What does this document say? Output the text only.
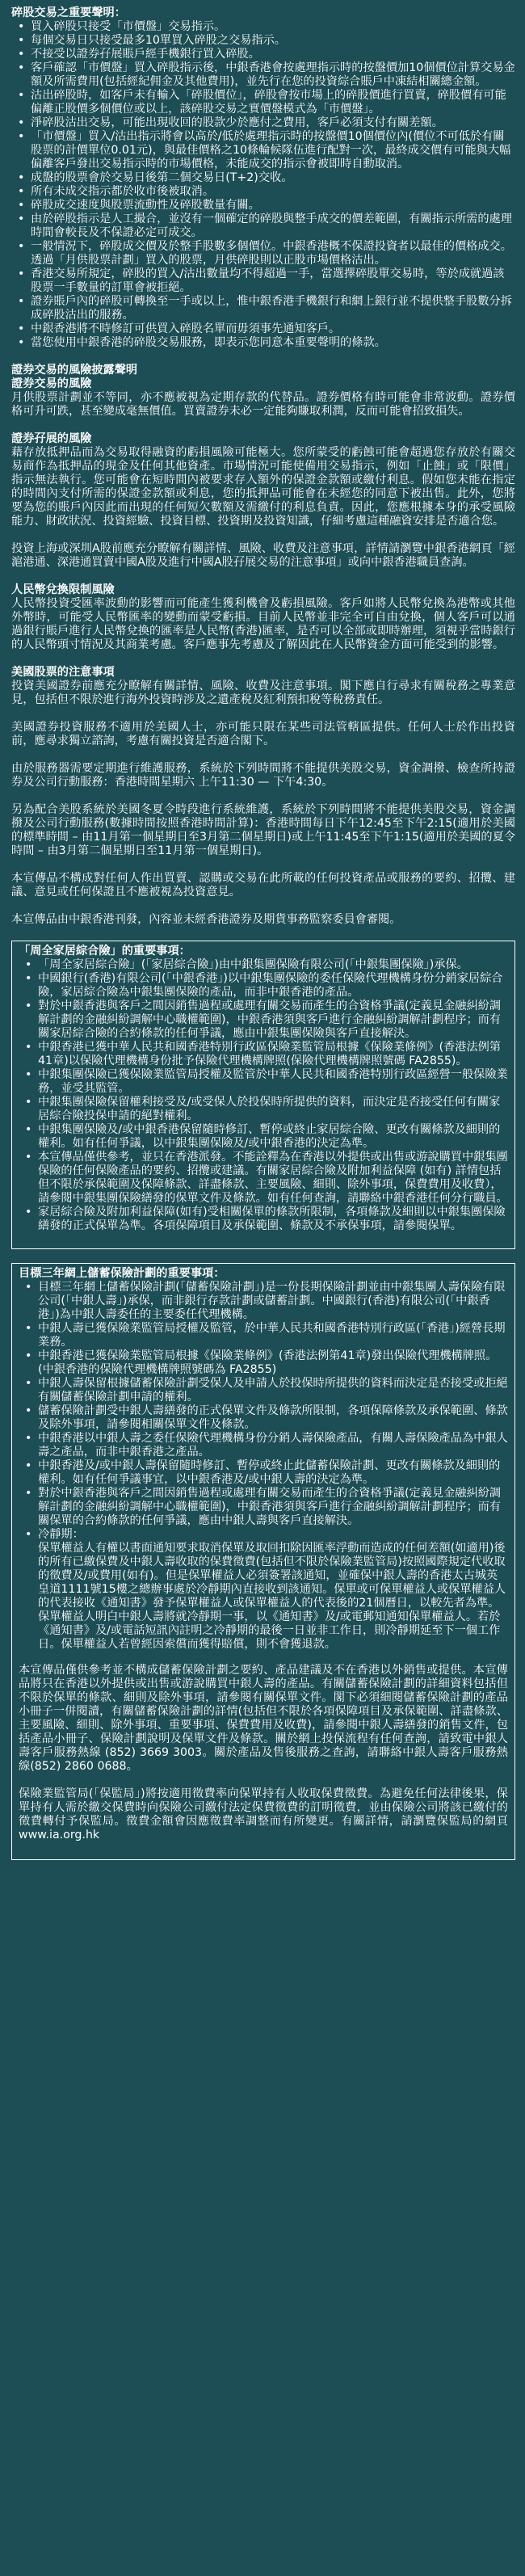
碎股交易之重要聲明：

• 買入碎股只接受「市價盤」交易指示。
• 每個交易日只接受最多10單買入碎股之交易指示。
• 不接受以證券孖展賬戶經手機銀行買入碎股。
• 客戶確認「市價盤」買入碎股指示後，中銀香港會按處理指示時的按盤價加10個價位計算交易金額及所需費用(包括經紀佣金及其他費用)，並先行在您的投資綜合賬戶中凍結相關總金額。
• 沽出碎股時，如客戶未有輸入「碎股價位」，碎股會按市場上的碎股價進行買賣，碎股價有可能偏離正股價多個價位或以上，該碎股交易之實價盤模式為「市價盤」。
• 淨碎股沽出交易，可能出現收回的股款少於應付之費用，客戶必須支付有關差額。
• 「市價盤」買入/沽出指示將會以高於/低於處理指示時的按盤價10個價位內(價位不可低於有關股票的計價單位0.01元)，與最佳價格之10條輪候隊伍進行配對一次，最終成交價有可能與大幅偏離客戶發出交易指示時的市場價格，未能成交的指示會被即時自動取消。
• 成盤的股票會於交易日後第二個交易日(T+2)交收。
• 所有未成交指示都於收市後被取消。
• 碎股成交速度與股票流動性及碎股數量有關。
• 由於碎股指示是人工撮合，並沒有一個確定的碎股與整手成交的價差範圍，有關指示所需的處理時間會較長及不保證必定可成交。
• 一般情況下，碎股成交價及於整手股數多個價位。中銀香港概不保證投資者以最佳的價格成交。透過「月供股票計劃」買入的股票，月供碎股則以正股市場價格沽出。
• 香港交易所規定，碎股的買入/沽出數量均不得超過一手，當選擇碎股單交易時，等於成就過該股票一手數量的訂單會被拒絕。
• 證券賬戶內的碎股可轉換至一手或以上，惟中銀香港手機銀行和網上銀行並不提供整手股數分拆成碎股沽出的服務。
• 中銀香港將不時修訂可供買入碎股名單而毋須事先通知客戶。
• 當您使用中銀香港的碎股交易服務，即表示您同意本重要聲明的條款。

證券交易的風險披露聲明

證券交易的風險

月供股票計劃並不等同，亦不應被視為定期存款的代替品。證券價格有時可能會非常波動。證券價格可升可跌，甚至變成毫無價值。買賣證券未必一定能夠賺取利潤，反而可能會招致損失。

證券孖展的風險

藉存放抵押品而為交易取得融資的虧損風險可能極大。您所蒙受的虧蝕可能會超過您存放於有關交易商作為抵押品的現金及任何其他資產。市場情況可能使備用交易指示，例如「止蝕」或「限價」指示無法執行。您可能會在短時間內被要求存入額外的保證金款額或繳付利息。假如您未能在指定的時間內支付所需的保證金款額或利息，您的抵押品可能會在未經您的同意下被出售。此外，您將要為您的賬戶內因此而出現的任何短欠數額及需繳付的利息負責。因此，您應根據本身的承受風險能力、財政狀況、投資經驗、投資目標、投資期及投資知識，仔細考慮這種融資安排是否適合您。

投資上海或深圳A股前應充分瞭解有關詳情、風險、收費及注意事項，詳情請瀏覽中銀香港網頁「經滬港通、深港通買賣中國A股及進行中國A股孖展交易的注意事項」或向中銀香港職員查詢。

人民幣兌換限制風險

人民幣投資受匯率波動的影響而可能產生獲利機會及虧損風險。客戶如將人民幣兌換為港幣或其他外幣時，可能受人民幣匯率的變動而蒙受虧損。目前人民幣並非完全可自由兌換，個人客戶可以通過銀行賬戶進行人民幣兌換的匯率是人民幣(香港)匯率，是否可以全部或即時辦理，須視乎當時銀行的人民幣頭寸情況及其商業考慮。客戶應事先考慮及了解因此在人民幣資金方面可能受到的影響。

美國股票的注意事項

投資美國證券前應充分瞭解有關詳情、風險、收費及注意事項。閣下應自行尋求有關稅務之專業意見，包括但不限於進行海外投資時涉及之遺產稅及紅利預扣稅等稅務責任。

美國證券投資服務不適用於美國人士，亦可能只限在某些司法管轄區提供。任何人士於作出投資前，應尋求獨立諮詢，考慮有關投資是否適合閣下。

由於服務器需要定期進行維護服務，系統於下列時間將不能提供美股交易，資金調撥、檢查所持證券及公司行動服務：香港時間星期六 上午11:30 — 下午4:30。

另為配合美股系統於美國冬夏令時段進行系統維護，系統於下列時間將不能提供美股交易，資金調撥及公司行動服務(數據時間按照香港時間計算)：香港時間每日下午12:45至下午2:15(適用於美國的標準時間 – 由11月第一個星期日至3月第二個星期日)或上午11:45至下午1:15(適用於美國的夏令時間 – 由3月第二個星期日至11月第一個星期日)。

本宣傳品不構成對任何人作出買賣、認購或交易在此所載的任何投資產品或服務的要約、招攬、建議、意見或任何保證且不應被視為投資意見。

本宣傳品由中銀香港刊發，內容並未經香港證券及期貨事務監察委員會審閱。

「周全家居綜合險」的重要事項：

• 「周全家居綜合險」(「家居綜合險」)由中銀集團保險有限公司(「中銀集團保險」)承保。
• 中國銀行(香港)有限公司(「中銀香港」)以中銀集團保險的委任保險代理機構身份分銷家居綜合險，家居綜合險為中銀集團保險的產品，而非中銀香港的產品。
• 對於中銀香港與客戶之間因銷售過程或處理有關交易而產生的合資格爭議(定義見金融糾紛調解計劃的金融糾紛調解中心職權範圍)，中銀香港須與客戶進行金融糾紛調解計劃程序；而有關家居綜合險的合約條款的任何爭議，應由中銀集團保險與客戶直接解決。
• 中銀香港已獲中華人民共和國香港特別行政區保險業監管局根據《保險業條例》(香港法例第41章)以保險代理機構身份批予保險代理機構牌照(保險代理機構牌照號碼 FA2855)。
• 中銀集團保險已獲保險業監管局授權及監管於中華人民共和國香港特別行政區經營一般保險業務，並受其監管。
• 中銀集團保險保留權利接受及/或受保人於投保時所提供的資料，而決定是否接受任何有關家居綜合險投保申請的絕對權利。
• 中銀集團保險及/或中銀香港保留隨時修訂、暫停或終止家居綜合險、更改有關條款及細則的權利。如有任何爭議，以中銀集團保險及/或中銀香港的決定為準。
• 本宣傳品僅供參考，並只在香港派發。不能詮釋為在香港以外提供或出售或游說購買中銀集團保險的任何保險產品的要約、招攬或建議。有關家居綜合險及附加利益保障 (如有) 詳情包括但不限於承保範圍及保障條款、詳盡條款、主要風險、細則、除外事項，保費費用及收費），請參閱中銀集團保險繕發的保單文件及條款。如有任何查詢，請聯絡中銀香港任何分行職員。
• 家居綜合險及附加利益保障(如有)受相關保單的條款所限制，各項條款及細則以中銀集團保險繕發的正式保單為準。各項保障項目及承保範圍、條款及不承保事項，請參閱保單。

目標三年網上儲蓄保險計劃的重要事項：

• 目標三年網上儲蓄保險計劃(「儲蓄保險計劃」)是一份長期保險計劃並由中銀集團人壽保險有限公司(「中銀人壽」)承保，而非銀行存款計劃或儲蓄計劃。中國銀行(香港)有限公司(「中銀香港」)為中銀人壽委任的主要委任代理機構。
• 中銀人壽已獲保險業監管局授權及監管，於中華人民共和國香港特別行政區(「香港」)經營長期業務。
• 中銀香港已獲保險業監管局根據《保險業條例》(香港法例第41章)發出保險代理機構牌照。(中銀香港的保險代理機構牌照號碼為 FA2855)
• 中銀人壽保留根據儲蓄保險計劃受保人及申請人於投保時所提供的資料而決定是否接受或拒絕有關儲蓄保險計劃申請的權利。
• 儲蓄保險計劃受中銀人壽繕發的正式保單文件及條款所限制，各項保障條款及承保範圍、條款及除外事項，請參閱相關保單文件及條款。
• 中銀香港以中銀人壽之委任保險代理機構身份分銷人壽保險產品，有關人壽保險產品為中銀人壽之產品，而非中銀香港之產品。
• 中銀香港及/或中銀人壽保留隨時修訂、暫停或終止此儲蓄保險計劃、更改有關條款及細則的權利。如有任何爭議事宜，以中銀香港及/或中銀人壽的決定為準。
• 對於中銀香港與客戶之間因銷售過程或處理有關交易而產生的合資格爭議(定義見金融糾紛調解計劃的金融糾紛調解中心職權範圍)，中銀香港須與客戶進行金融糾紛調解計劃程序；而有關保單的合約條款的任何爭議，應由中銀人壽與客戶直接解決。
• 冷靜期：
保單權益人有權以書面通知要求取消保單及取回扣除因匯率浮動而造成的任何差額(如適用)後的所有已繳保費及中銀人壽收取的保費徵費(包括但不限於保險業監管局)按照國際規定代收取的徵費及/或費用(如有)。但是保單權益人必須簽署該通知，並確保中銀人壽的香港太古城英皇道1111號15樓之總辦事處於冷靜期內直接收到該通知。保單或可保單權益人或保單權益人的代表接收《通知書》發予保單權益人或保單權益人的代表後的21個曆日，以較先者為準。保單權益人明白中銀人壽將就冷靜期一事，以《通知書》及/或電郵知通知保單權益人。若於《通知書》及/或電話短訊內註明之冷靜期的最後一日並非工作日，則冷靜期延至下一個工作日。保單權益人若曾經因索償而獲得賠償，則不會獲退款。

本宣傳品僅供參考並不構成儲蓄保險計劃之要約、產品建議及不在香港以外銷售或提供。本宣傳品將只在香港以外提供或出售或游說購買中銀人壽的產品。有關儲蓄保險計劃的詳細資料包括但不限於保單的條款、細則及除外事項，請參閱有關保單文件。閣下必須細閱儲蓄保險計劃的產品小冊子一併閱讀，有關儲蓄保險計劃的詳情(包括但不限於各項保障項目及承保範圍、詳盡條款、主要風險、細則、除外事項、重要事項、保費費用及收費)，請參閱中銀人壽繕發的銷售文件，包括產品小冊子、保險計劃說明及保單文件及條款。關於網上投保流程有任何查詢，請致電中銀人壽客戶服務熱線 (852) 3669 3003。關於產品及售後服務之查詢，請聯絡中銀人壽客戶服務熱線(852) 2860 0688。

保險業監管局(「保監局」)將按適用徵費率向保單持有人收取保費徵費。為避免任何法律後果，保單持有人需於繳交保費時向保險公司繳付法定保費徵費的訂明徵費，並由保險公司將該已繳付的徵費轉付予保監局。徵費金額會因應徵費率調整而有所變更。有關詳情，請瀏覽保監局的網頁www.ia.org.hk
